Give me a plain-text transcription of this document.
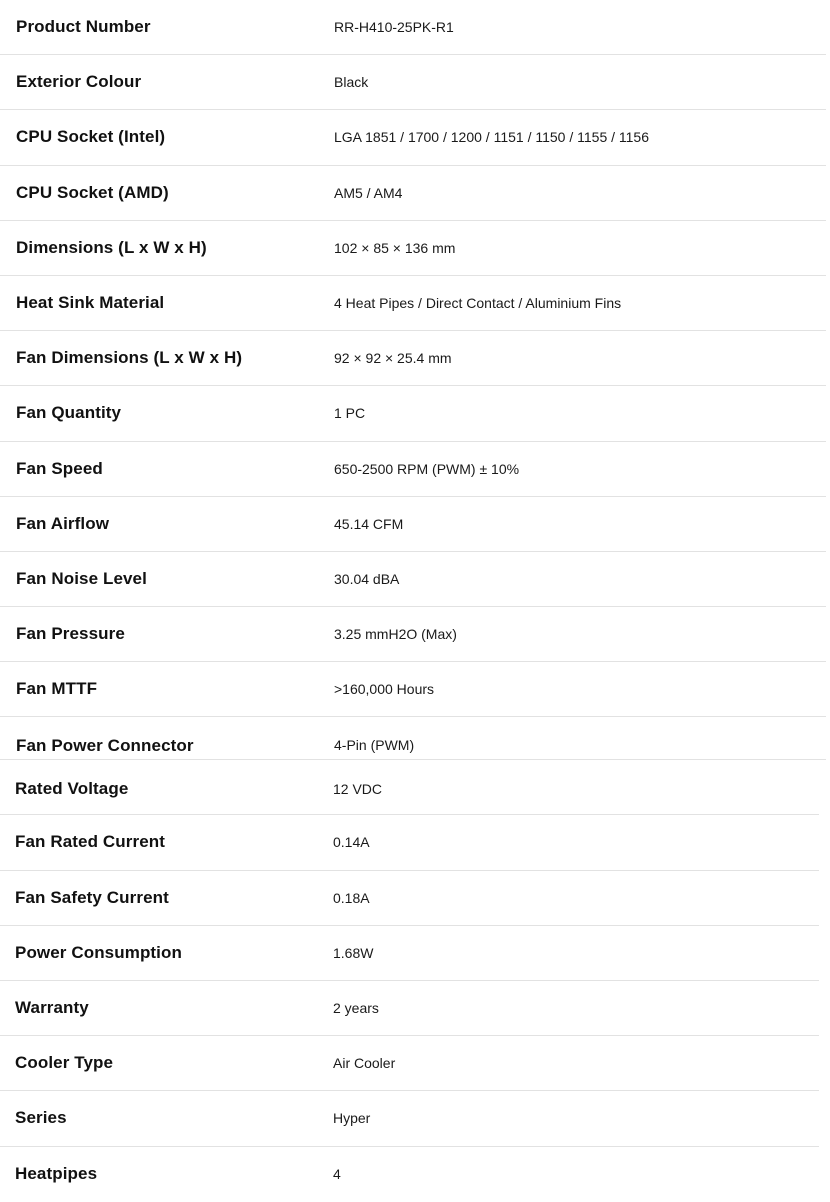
Product Number	RR-H410-25PK-R1
Exterior Colour	Black
CPU Socket (Intel)	LGA 1851 / 1700 / 1200 / 1151 / 1150 / 1155 / 1156
CPU Socket (AMD)	AM5 / AM4
Dimensions (L x W x H)	102 × 85 × 136 mm
Heat Sink Material	4 Heat Pipes / Direct Contact / Aluminium Fins
Fan Dimensions (L x W x H)	92 × 92 × 25.4 mm
Fan Quantity	1 PC
Fan Speed	650-2500 RPM (PWM) ± 10%
Fan Airflow	45.14 CFM
Fan Noise Level	30.04 dBA
Fan Pressure	3.25 mmH2O (Max)
Fan MTTF	>160,000 Hours
Fan Power Connector	4-Pin (PWM)
Rated Voltage	12 VDC
Fan Rated Current	0.14A
Fan Safety Current	0.18A
Power Consumption	1.68W
Warranty	2 years
Cooler Type	Air Cooler
Series	Hyper
Heatpipes	4
